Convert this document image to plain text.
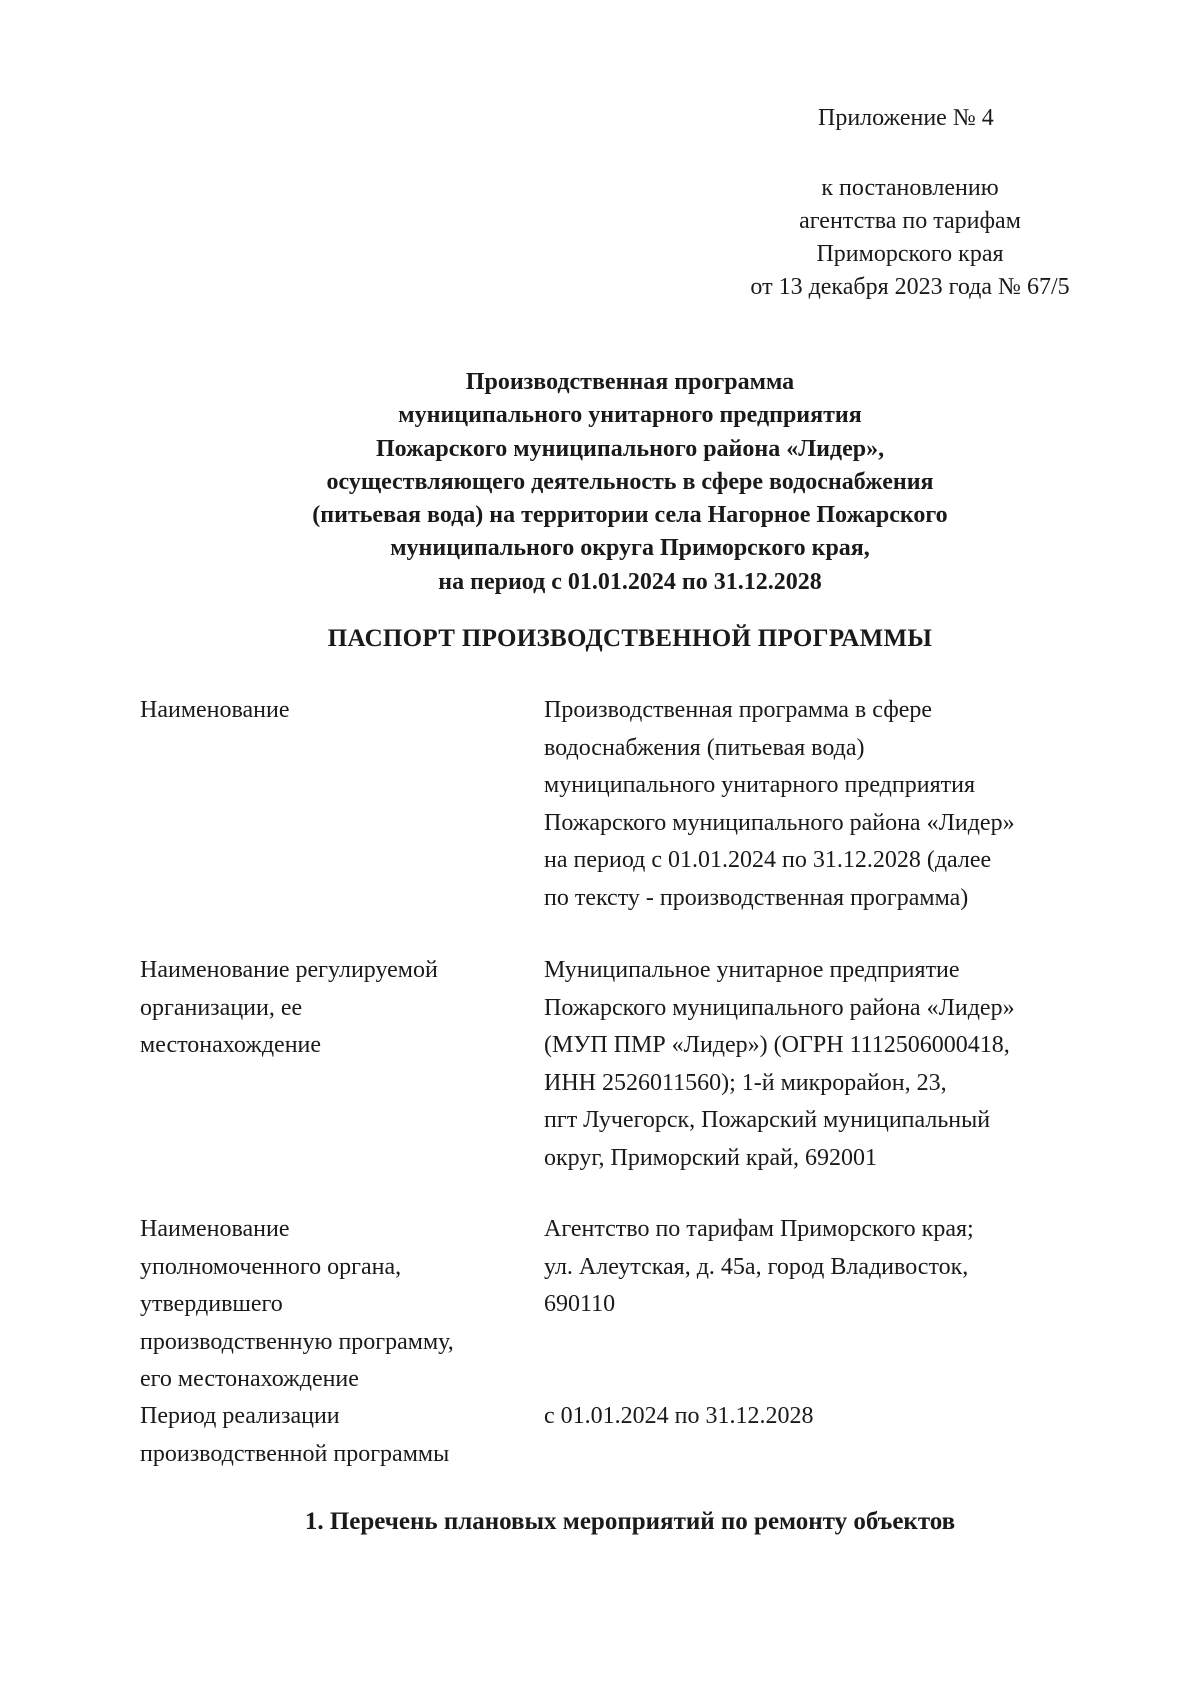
Приложение № 4
к постановлению
агентства по тарифам
Приморского края
от 13 декабря 2023 года № 67/5
Производственная программа
муниципального унитарного предприятия
Пожарского муниципального района «Лидер»,
осуществляющего деятельность в сфере водоснабжения
(питьевая вода) на территории села Нагорное Пожарского
муниципального округа Приморского края,
на период с 01.01.2024 по 31.12.2028
ПАСПОРТ ПРОИЗВОДСТВЕННОЙ ПРОГРАММЫ
Наименование	Производственная программа в сфере
водоснабжения (питьевая вода)
муниципального унитарного предприятия
Пожарского муниципального района «Лидер»
на период с 01.01.2024 по 31.12.2028 (далее
по тексту - производственная программа)
Наименование регулируемой
организации, ее
местонахождение
Муниципальное унитарное предприятие
Пожарского муниципального района «Лидер»
(МУП ПМР «Лидер») (ОГРН 1112506000418,
ИНН 2526011560); 1-й микрорайон, 23,
пгт Лучегорск, Пожарский муниципальный
округ, Приморский край, 692001
Наименование
уполномоченного органа,
утвердившего
производственную программу,
его местонахождение
Агентство по тарифам Приморского края;
ул. Алеутская, д. 45а, город Владивосток,
690110
Период реализации
производственной программы
с 01.01.2024 по 31.12.2028
1. Перечень плановых мероприятий по ремонту объектов
